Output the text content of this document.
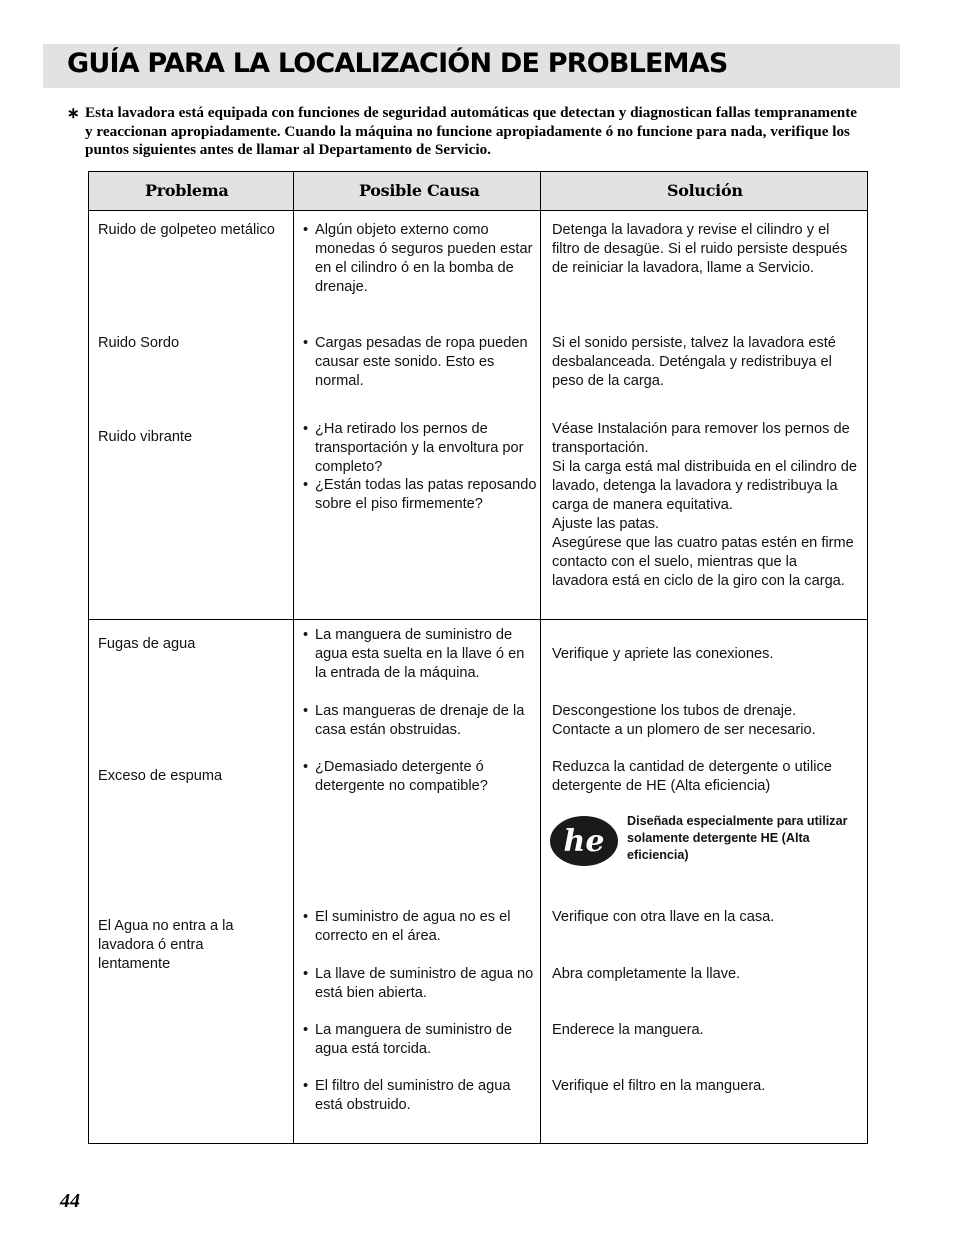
GUÍA PARA LA LOCALIZACIÓN DE PROBLEMAS
∗ Esta lavadora está equipada con funciones de seguridad automáticas que detectan y diagnostican fallas tempranamente y reaccionan apropiadamente. Cuando la máquina no funcione apropiadamente ó no funcione para nada, verifique los puntos siguientes antes de llamar al Departamento de Servicio.
Problema	Posible Causa	Solución
Ruido de golpeteo metálico
Ruido Sordo
Ruido vibrante
Fugas de agua
Exceso de espuma
El Agua no entra a la lavadora ó entra lentamente
• Algún objeto externo como monedas ó seguros pueden estar en el cilindro ó en la bomba de drenaje.
• Cargas pesadas de ropa pueden causar este sonido. Esto es normal.
• ¿Ha retirado los pernos de transportación y la envoltura por completo?
• ¿Están todas las patas reposando sobre el piso firmemente?
• La manguera de suministro de agua esta suelta en la llave ó en la entrada de la máquina.
• Las mangueras de drenaje de la casa están obstruidas.
• ¿Demasiado detergente ó detergente no compatible?
• El suministro de agua no es el correcto en el área.
• La llave de suministro de agua no está bien abierta.
• La manguera de suministro de agua está torcida.
• El filtro del suministro de agua está obstruido.
Detenga la lavadora y revise el cilindro y el filtro de desagüe. Si el ruido persiste después de reiniciar la lavadora, llame a Servicio.
Si el sonido persiste, talvez la lavadora esté desbalanceada. Deténgala y redistribuya el peso de la carga.
Véase Instalación para remover los pernos de transportación.
Si la carga está mal distribuida en el cilindro de lavado, detenga la lavadora y redistribuya la carga de manera equitativa.
Ajuste las patas.
Asegúrese que las cuatro patas estén en firme contacto con el suelo, mientras que la lavadora está en ciclo de la giro con la carga.
Verifique y apriete las conexiones.
Descongestione los tubos de drenaje. Contacte a un plomero de ser necesario.
Reduzca la cantidad de detergente o utilice detergente de HE (Alta eficiencia)
he
Diseñada especialmente para utilizar solamente detergente HE (Alta eficiencia)
Verifique con otra llave en la casa.
Abra completamente la llave.
Enderece la manguera.
Verifique el filtro en la manguera.
44
